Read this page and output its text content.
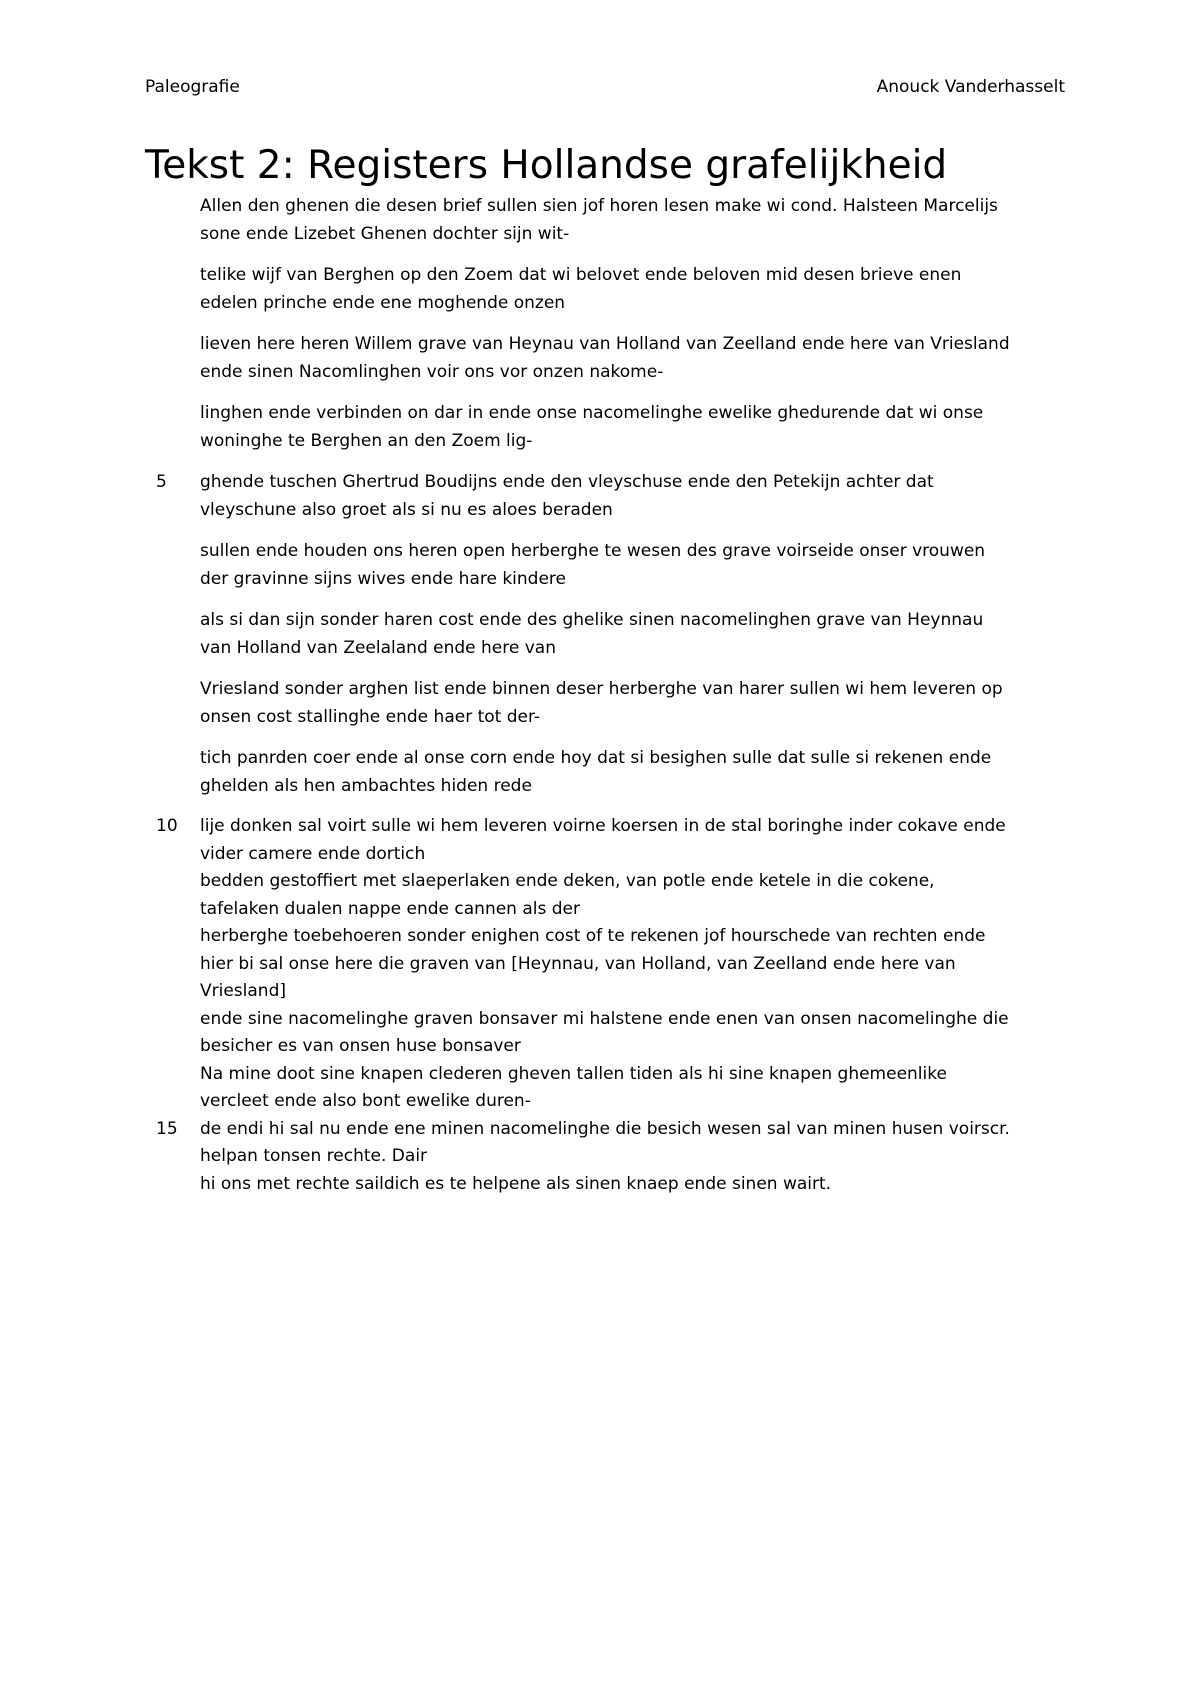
Paleografie	Anouck Vanderhasselt
Tekst 2: Registers Hollandse grafelijkheid
Allen den ghenen die desen brief sullen sien jof horen lesen make wi cond. Halsteen Marcelijs
sone ende Lizebet Ghenen dochter sijn wit-
telike wijf van Berghen op den Zoem dat wi belovet ende beloven mid desen brieve enen
edelen prinche ende ene moghende onzen
lieven here heren Willem grave van Heynau van Holland van Zeelland ende here van Vriesland
ende sinen Nacomlinghen voir ons vor onzen nakome-
linghen ende verbinden on dar in ende onse nacomelinghe ewelike ghedurende dat wi onse
woninghe te Berghen an den Zoem lig-
5	ghende tuschen Ghertrud Boudijns ende den vleyschuse ende den Petekijn achter dat
vleyschune also groet als si nu es aloes beraden
sullen ende houden ons heren open herberghe te wesen des grave voirseide onser vrouwen
der gravinne sijns wives ende hare kindere
als si dan sijn sonder haren cost ende des ghelike sinen nacomelinghen grave van Heynnau
van Holland van Zeelaland ende here van
Vriesland sonder arghen list ende binnen deser herberghe van harer sullen wi hem leveren op
onsen cost stallinghe ende haer tot der-
tich panrden coer ende al onse corn ende hoy dat si besighen sulle dat sulle si rekenen ende
ghelden als hen ambachtes hiden rede
10	lije donken sal voirt sulle wi hem leveren voirne koersen in de stal boringhe inder cokave ende
vider camere ende dortich
bedden gestoffiert met slaeperlaken ende deken, van potle ende ketele in die cokene,
tafelaken dualen nappe ende cannen als der
herberghe toebehoeren sonder enighen cost of te rekenen jof hourschede van rechten ende
hier bi sal onse here die graven van [Heynnau, van Holland, van Zeelland ende here van
Vriesland]
ende sine nacomelinghe graven bonsaver mi halstene ende enen van onsen nacomelinghe die
besicher es van onsen huse bonsaver
Na mine doot sine knapen clederen gheven tallen tiden als hi sine knapen ghemeenlike
vercleet ende also bont ewelike duren-
15	de endi hi sal nu ende ene minen nacomelinghe die besich wesen sal van minen husen voirscr.
helpan tonsen rechte. Dair
hi ons met rechte saildich es te helpene als sinen knaep ende sinen wairt.
